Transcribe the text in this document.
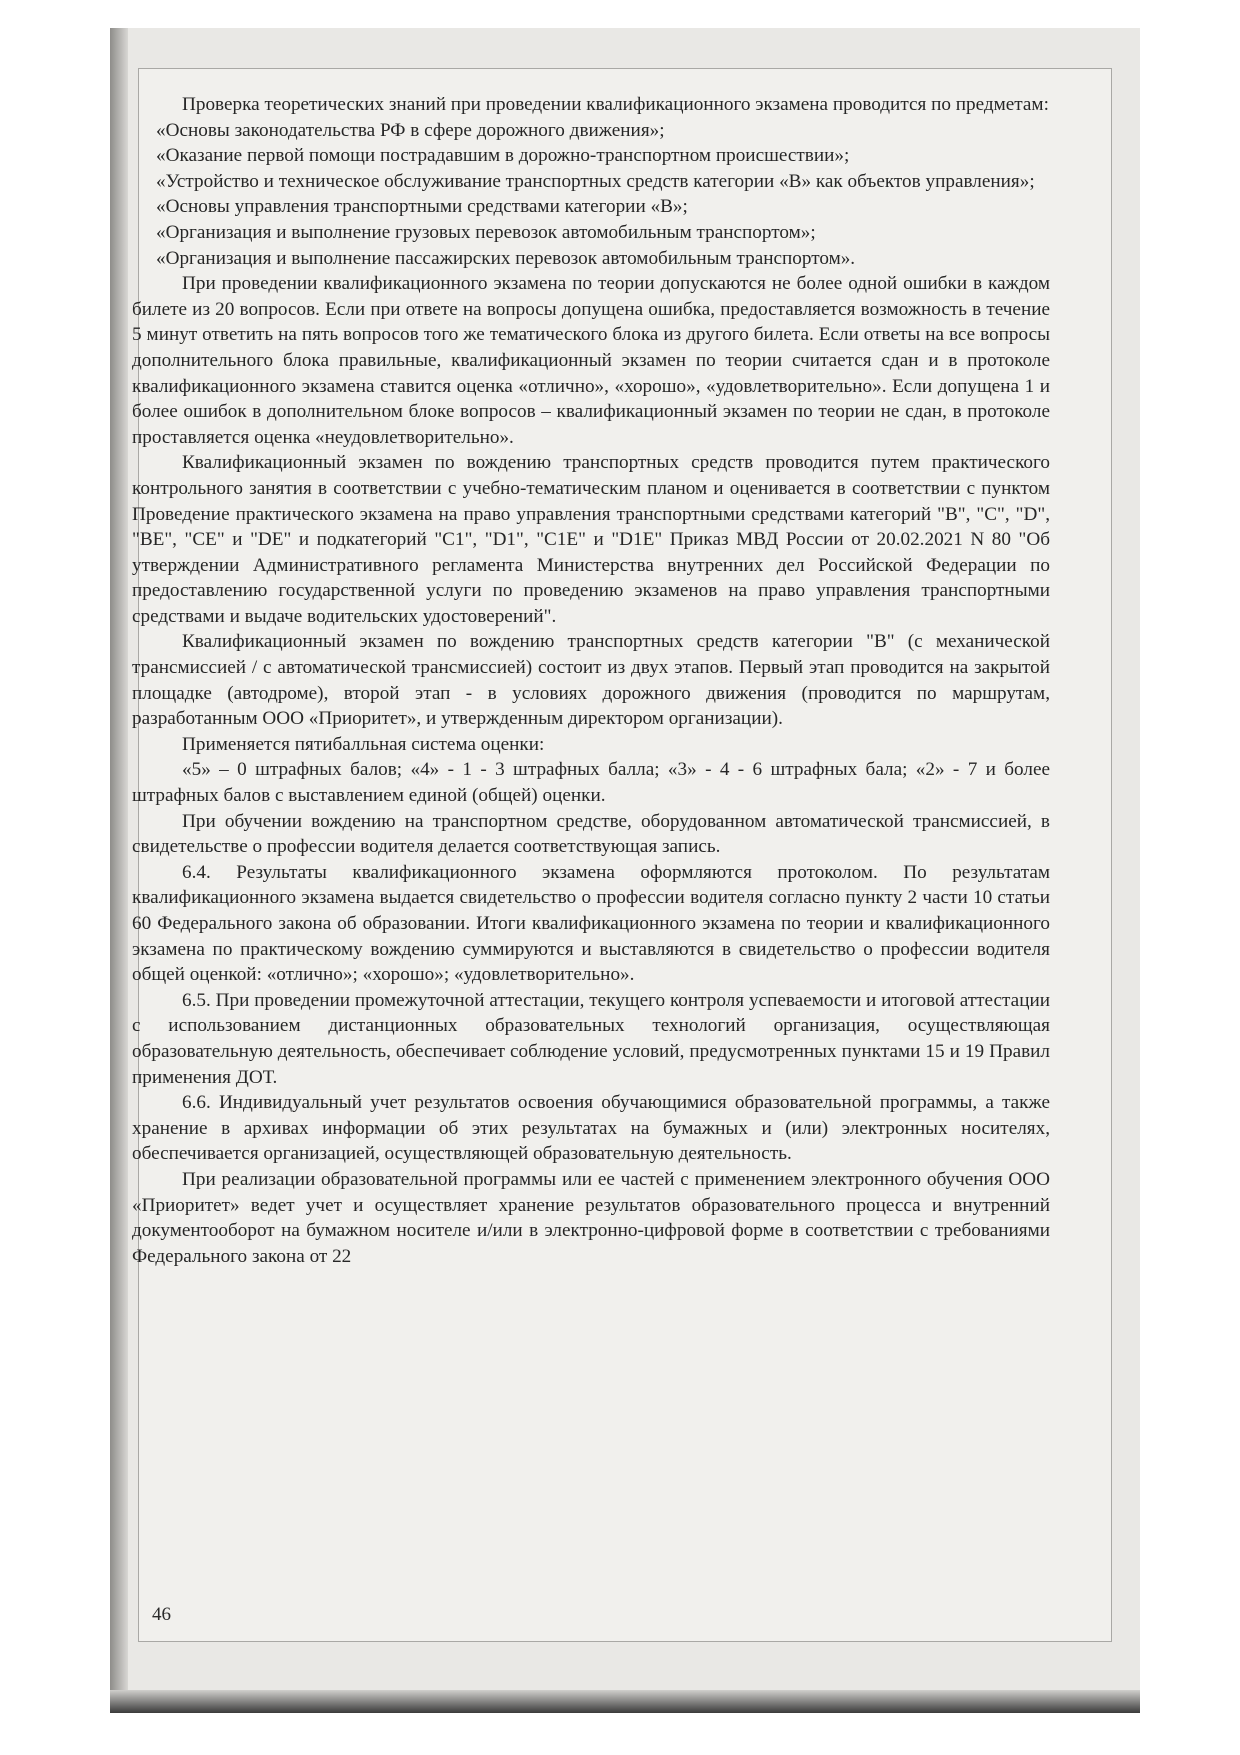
Проверка теоретических знаний при проведении квалификационного экзамена проводится по предметам:

«Основы законодательства РФ в сфере дорожного движения»;

«Оказание первой помощи пострадавшим в дорожно-транспортном происшествии»;

«Устройство и техническое обслуживание транспортных средств категории «В» как объектов управления»;

«Основы управления транспортными средствами категории «В»;

«Организация и выполнение грузовых перевозок автомобильным транспортом»;

«Организация и выполнение пассажирских перевозок автомобильным транспортом».

При проведении квалификационного экзамена по теории допускаются не более одной ошибки в каждом билете из 20 вопросов. Если при ответе на вопросы допущена ошибка, предоставляется возможность в течение 5 минут ответить на пять вопросов того же тематического блока из другого билета. Если ответы на все вопросы дополнительного блока правильные, квалификационный экзамен по теории считается сдан и в протоколе квалификационного экзамена ставится оценка «отлично», «хорошо», «удовлетворительно». Если допущена 1 и более ошибок в дополнительном блоке вопросов – квалификационный экзамен по теории не сдан, в протоколе проставляется оценка «неудовлетворительно».

Квалификационный экзамен по вождению транспортных средств проводится путем практического контрольного занятия в соответствии с учебно-тематическим планом и оценивается в соответствии с пунктом Проведение практического экзамена на право управления транспортными средствами категорий "B", "C", "D", "BE", "CE" и "DE" и подкатегорий "C1", "D1", "C1E" и "D1E" Приказ МВД России от 20.02.2021 N 80 "Об утверждении Административного регламента Министерства внутренних дел Российской Федерации по предоставлению государственной услуги по проведению экзаменов на право управления транспортными средствами и выдаче водительских удостоверений".

Квалификационный экзамен по вождению транспортных средств категории "В" (с механической трансмиссией / с автоматической трансмиссией) состоит из двух этапов. Первый этап проводится на закрытой площадке (автодроме), второй этап - в условиях дорожного движения (проводится по маршрутам, разработанным ООО «Приоритет», и утвержденным директором организации).

Применяется пятибалльная система оценки:

«5» – 0 штрафных балов; «4» - 1 - 3 штрафных балла; «3» - 4 - 6 штрафных бала; «2» - 7 и более штрафных балов с выставлением единой (общей) оценки.

При обучении вождению на транспортном средстве, оборудованном автоматической трансмиссией, в свидетельстве о профессии водителя делается соответствующая запись.

6.4. Результаты квалификационного экзамена оформляются протоколом. По результатам квалификационного экзамена выдается свидетельство о профессии водителя согласно пункту 2 части 10 статьи 60 Федерального закона об образовании. Итоги квалификационного экзамена по теории и квалификационного экзамена по практическому вождению суммируются и выставляются в свидетельство о профессии водителя общей оценкой: «отлично»; «хорошо»; «удовлетворительно».

6.5. При проведении промежуточной аттестации, текущего контроля успеваемости и итоговой аттестации с использованием дистанционных образовательных технологий организация, осуществляющая образовательную деятельность, обеспечивает соблюдение условий, предусмотренных пунктами 15 и 19 Правил применения ДОТ.

6.6. Индивидуальный учет результатов освоения обучающимися образовательной программы, а также хранение в архивах информации об этих результатах на бумажных и (или) электронных носителях, обеспечивается организацией, осуществляющей образовательную деятельность.

При реализации образовательной программы или ее частей с применением электронного обучения ООО «Приоритет» ведет учет и осуществляет хранение результатов образовательного процесса и внутренний документооборот на бумажном носителе и/или в электронно-цифровой форме в соответствии с требованиями Федерального закона от 22

46
